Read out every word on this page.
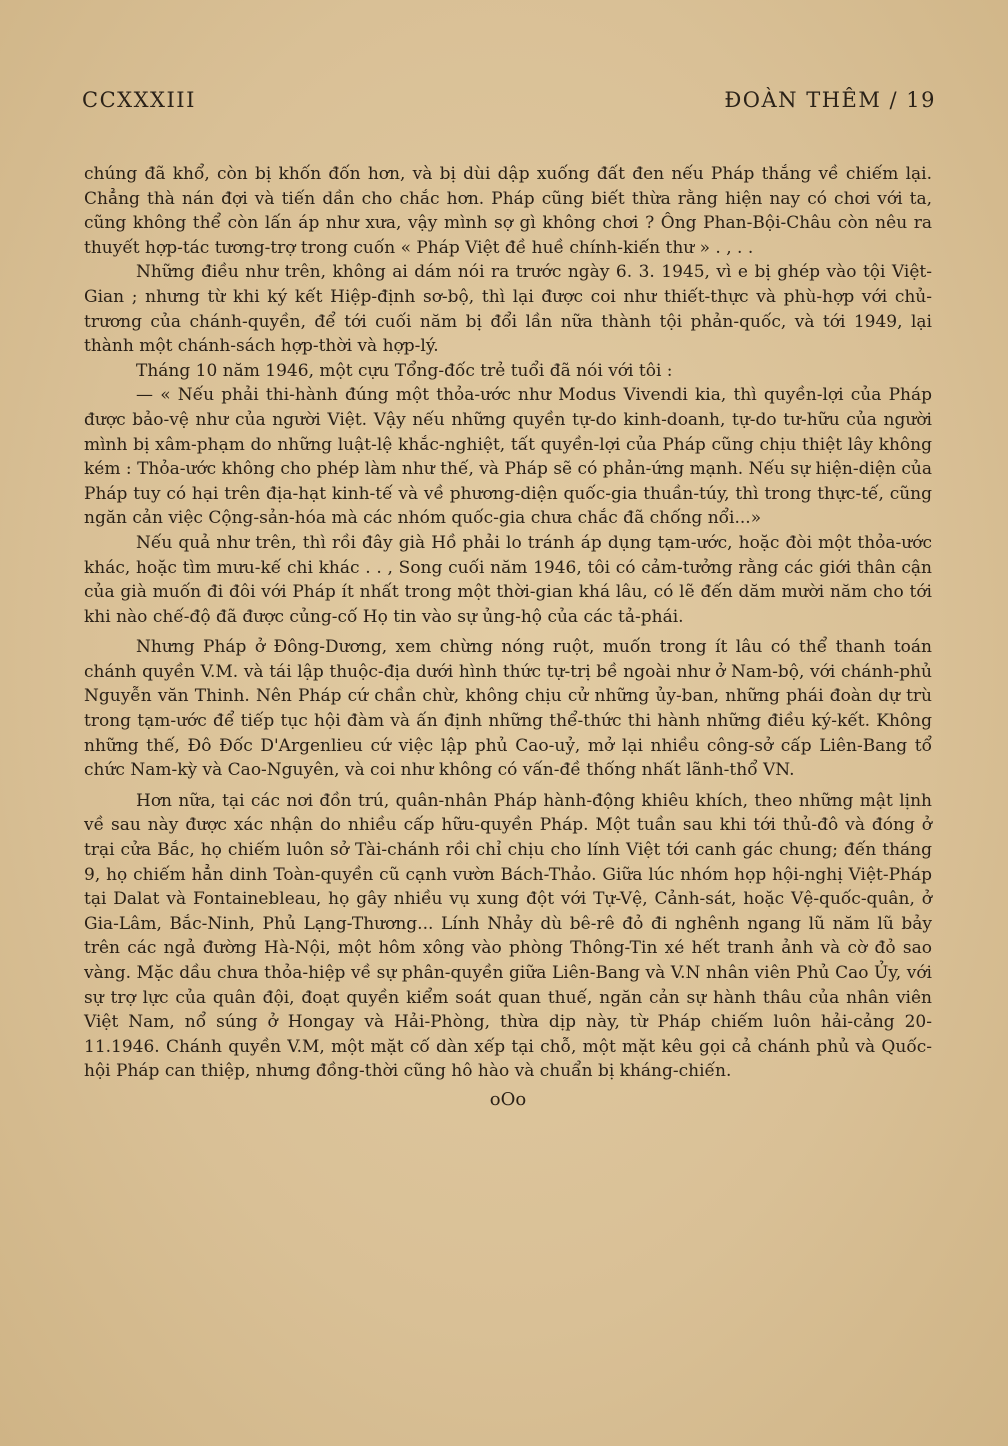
CCXXXIII	ĐOÀN THÊM / 19

chúng đã khổ, còn bị khốn đốn hơn, và bị dùi dập xuống đất đen nếu Pháp thắng về chiếm lại. Chẳng thà nán đợi và tiến dần cho chắc hơn. Pháp cũng biết thừa rằng hiện nay có chơi với ta, cũng không thể còn lấn áp như xưa, vậy mình sợ gì không chơi ? Ông Phan-Bội-Châu còn nêu ra thuyết hợp-tác tương-trợ trong cuốn « Pháp Việt đề huề chính-kiến thư » . , . .

Những điều như trên, không ai dám nói ra trước ngày 6. 3. 1945, vì e bị ghép vào tội Việt-Gian ; nhưng từ khi ký kết Hiệp-định sơ-bộ, thì lại được coi như thiết-thực và phù-hợp với chủ-trương của chánh-quyền, để tới cuối năm bị đổi lần nữa thành tội phản-quốc, và tới 1949, lại thành một chánh-sách hợp-thời và hợp-lý.

Tháng 10 năm 1946, một cựu Tổng-đốc trẻ tuổi đã nói với tôi :

— « Nếu phải thi-hành đúng một thỏa-ước như Modus Vivendi kia, thì quyền-lợi của Pháp được bảo-vệ như của người Việt. Vậy nếu những quyền tự-do kinh-doanh, tự-do tư-hữu của người mình bị xâm-phạm do những luật-lệ khắc-nghiệt, tất quyền-lợi của Pháp cũng chịu thiệt lây không kém : Thỏa-ước không cho phép làm như thế, và Pháp sẽ có phản-ứng mạnh. Nếu sự hiện-diện của Pháp tuy có hại trên địa-hạt kinh-tế và về phương-diện quốc-gia thuần-túy, thì trong thực-tế, cũng ngăn cản việc Cộng-sản-hóa mà các nhóm quốc-gia chưa chắc đã chống nổi...»

Nếu quả như trên, thì rồi đây già Hồ phải lo tránh áp dụng tạm-ước, hoặc đòi một thỏa-ước khác, hoặc tìm mưu-kế chi khác . . , Song cuối năm 1946, tôi có cảm-tưởng rằng các giới thân cận của già muốn đi đôi với Pháp ít nhất trong một thời-gian khá lâu, có lẽ đến dăm mười năm cho tới khi nào chế-độ đã được củng-cố Họ tin vào sự ủng-hộ của các tả-phái.

Nhưng Pháp ở Đông-Dương, xem chừng nóng ruột, muốn trong ít lâu có thể thanh toán chánh quyền V.M. và tái lập thuộc-địa dưới hình thức tự-trị bề ngoài như ở Nam-bộ, với chánh-phủ Nguyễn văn Thinh. Nên Pháp cứ chần chừ, không chịu cử những ủy-ban, những phái đoàn dự trù trong tạm-ước để tiếp tục hội đàm và ấn định những thể-thức thi hành những điều ký-kết. Không những thế, Đô Đốc D'Argenlieu cứ việc lập phủ Cao-uỷ, mở lại nhiều công-sở cấp Liên-Bang tổ chức Nam-kỳ và Cao-Nguyên, và coi như không có vấn-đề thống nhất lãnh-thổ VN.

Hơn nữa, tại các nơi đồn trú, quân-nhân Pháp hành-động khiêu khích, theo những mật lịnh về sau này được xác nhận do nhiều cấp hữu-quyền Pháp. Một tuần sau khi tới thủ-đô và đóng ở trại cửa Bắc, họ chiếm luôn sở Tài-chánh rồi chỉ chịu cho lính Việt tới canh gác chung; đến tháng 9, họ chiếm hẳn dinh Toàn-quyền cũ cạnh vườn Bách-Thảo. Giữa lúc nhóm họp hội-nghị Việt-Pháp tại Dalat và Fontainebleau, họ gây nhiều vụ xung đột với Tự-Vệ, Cảnh-sát, hoặc Vệ-quốc-quân, ở Gia-Lâm, Bắc-Ninh, Phủ Lạng-Thương... Lính Nhảy dù bê-rê đỏ đi nghênh ngang lũ năm lũ bảy trên các ngả đường Hà-Nội, một hôm xông vào phòng Thông-Tin xé hết tranh ảnh và cờ đỏ sao vàng. Mặc dầu chưa thỏa-hiệp về sự phân-quyền giữa Liên-Bang và V.N nhân viên Phủ Cao Ủy, với sự trợ lực của quân đội, đoạt quyền kiểm soát quan thuế, ngăn cản sự hành thâu của nhân viên Việt Nam, nổ súng ở Hongay và Hải-Phòng, thừa dịp này, từ Pháp chiếm luôn hải-cảng 20-11.1946. Chánh quyền V.M, một mặt cố dàn xếp tại chỗ, một mặt kêu gọi cả chánh phủ và Quốc-hội Pháp can thiệp, nhưng đồng-thời cũng hô hào và chuẩn bị kháng-chiến.

oOo
